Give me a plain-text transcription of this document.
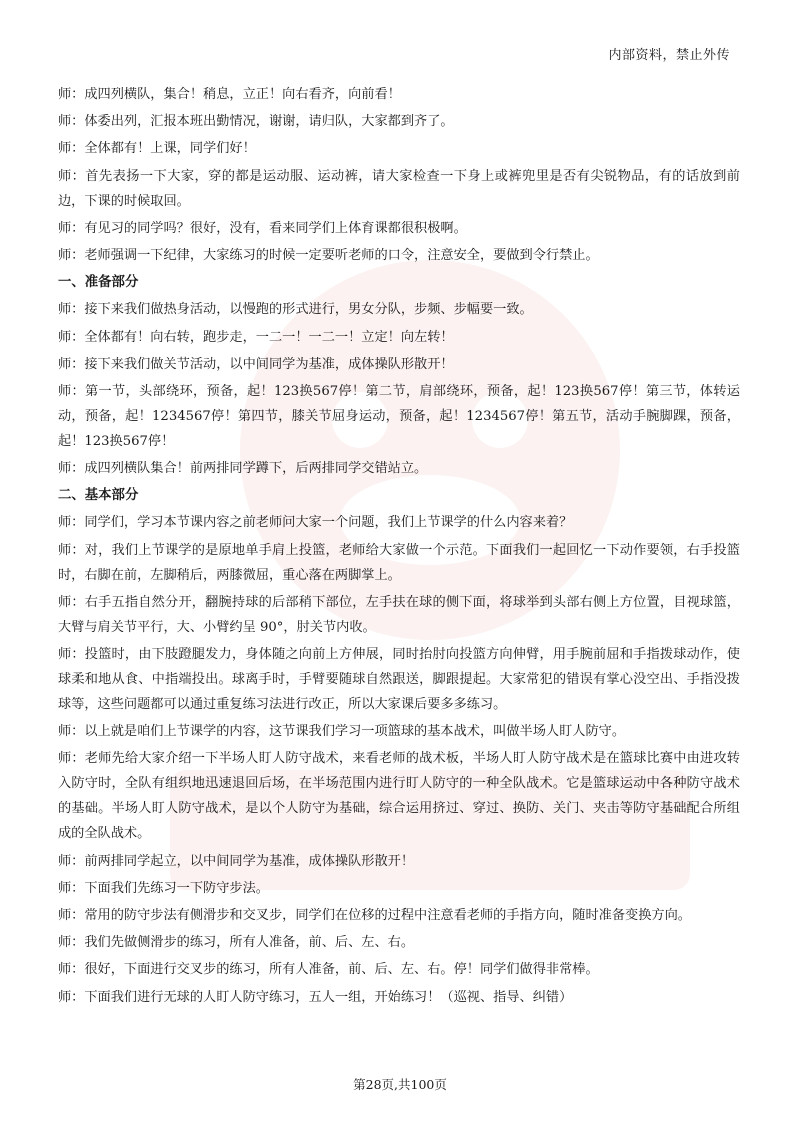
内部资料，禁止外传
师：成四列横队，集合！稍息，立正！向右看齐，向前看！
师：体委出列，汇报本班出勤情况，谢谢，请归队，大家都到齐了。
师：全体都有！上课，同学们好！
师：首先表扬一下大家，穿的都是运动服、运动裤，请大家检查一下身上或裤兜里是否有尖锐物品，有的话放到前边，下课的时候取回。
师：有见习的同学吗？很好，没有，看来同学们上体育课都很积极啊。
师：老师强调一下纪律，大家练习的时候一定要听老师的口令，注意安全，要做到令行禁止。
一、准备部分
师：接下来我们做热身活动，以慢跑的形式进行，男女分队，步频、步幅要一致。
师：全体都有！向右转，跑步走，一二一！一二一！立定！向左转！
师：接下来我们做关节活动，以中间同学为基准，成体操队形散开！
师：第一节，头部绕环，预备，起！123换567停！第二节，肩部绕环，预备，起！123换567停！第三节，体转运动，预备，起！1234567停！第四节，膝关节屈身运动，预备，起！1234567停！第五节，活动手腕脚踝，预备，起！123换567停！
师：成四列横队集合！前两排同学蹲下，后两排同学交错站立。
二、基本部分
师：同学们，学习本节课内容之前老师问大家一个问题，我们上节课学的什么内容来着？
师：对，我们上节课学的是原地单手肩上投篮，老师给大家做一个示范。下面我们一起回忆一下动作要领，右手投篮时，右脚在前，左脚稍后，两膝微屈，重心落在两脚掌上。
师：右手五指自然分开，翻腕持球的后部稍下部位，左手扶在球的侧下面，将球举到头部右侧上方位置，目视球篮，大臂与肩关节平行，大、小臂约呈 90°，肘关节内收。
师：投篮时，由下肢蹬腿发力，身体随之向前上方伸展，同时抬肘向投篮方向伸臂，用手腕前屈和手指拨球动作，使球柔和地从食、中指端投出。球离手时，手臂要随球自然跟送，脚跟提起。大家常犯的错误有掌心没空出、手指没拨球等，这些问题都可以通过重复练习法进行改正，所以大家课后要多多练习。
师：以上就是咱们上节课学的内容，这节课我们学习一项篮球的基本战术，叫做半场人盯人防守。
师：老师先给大家介绍一下半场人盯人防守战术，来看老师的战术板，半场人盯人防守战术是在篮球比赛中由进攻转入防守时，全队有组织地迅速退回后场，在半场范围内进行盯人防守的一种全队战术。它是篮球运动中各种防守战术的基础。半场人盯人防守战术，是以个人防守为基础，综合运用挤过、穿过、换防、关门、夹击等防守基础配合所组成的全队战术。
师：前两排同学起立，以中间同学为基准，成体操队形散开！
师：下面我们先练习一下防守步法。
师：常用的防守步法有侧滑步和交叉步，同学们在位移的过程中注意看老师的手指方向，随时准备变换方向。
师：我们先做侧滑步的练习，所有人准备，前、后、左、右。
师：很好，下面进行交叉步的练习，所有人准备，前、后、左、右。停！同学们做得非常棒。
师：下面我们进行无球的人盯人防守练习，五人一组，开始练习！（巡视、指导、纠错）
第28页,共100页
